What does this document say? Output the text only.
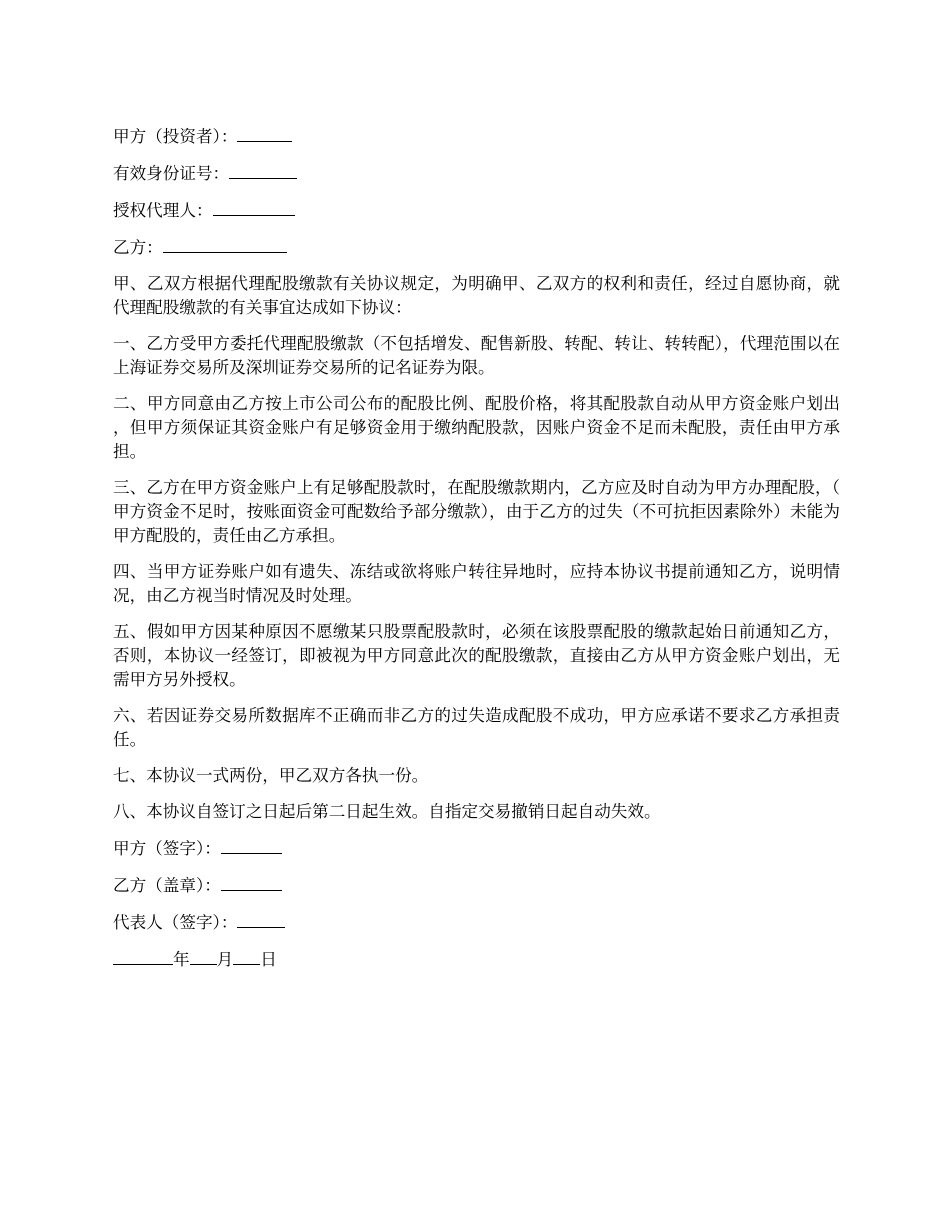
甲方（投资者）：
有效身份证号：
授权代理人：
乙方：
甲、乙双方根据代理配股缴款有关协议规定，为明确甲、乙双方的权利和责任，经过自愿协商，就代理配股缴款的有关事宜达成如下协议：
一、乙方受甲方委托代理配股缴款（不包括增发、配售新股、转配、转让、转转配），代理范围以在上海证券交易所及深圳证券交易所的记名证券为限。
二、甲方同意由乙方按上市公司公布的配股比例、配股价格，将其配股款自动从甲方资金账户划出，但甲方须保证其资金账户有足够资金用于缴纳配股款，因账户资金不足而未配股，责任由甲方承担。
三、乙方在甲方资金账户上有足够配股款时，在配股缴款期内，乙方应及时自动为甲方办理配股，（甲方资金不足时，按账面资金可配数给予部分缴款），由于乙方的过失（不可抗拒因素除外）未能为甲方配股的，责任由乙方承担。
四、当甲方证券账户如有遗失、冻结或欲将账户转往异地时，应持本协议书提前通知乙方，说明情况，由乙方视当时情况及时处理。
五、假如甲方因某种原因不愿缴某只股票配股款时，必须在该股票配股的缴款起始日前通知乙方，否则，本协议一经签订，即被视为甲方同意此次的配股缴款，直接由乙方从甲方资金账户划出，无需甲方另外授权。
六、若因证券交易所数据库不正确而非乙方的过失造成配股不成功，甲方应承诺不要求乙方承担责任。
七、本协议一式两份，甲乙双方各执一份。
八、本协议自签订之日起后第二日起生效。自指定交易撤销日起自动失效。
甲方（签字）：
乙方（盖章）：
代表人（签字）：
年 月 日
